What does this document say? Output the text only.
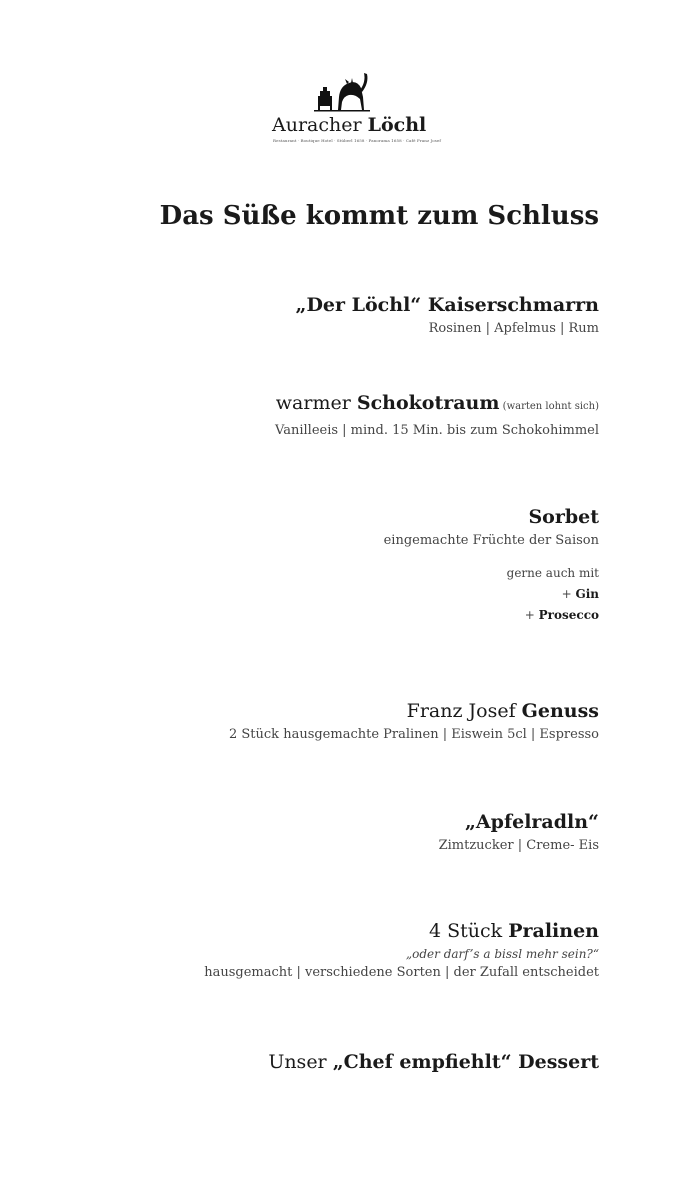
Auracher Löchl
Restaurant · Boutique Hotel · Stüberl 1658 · Panorama 1658 · Café Franz Josef
Das Süße kommt zum Schluss
„Der Löchl“ Kaiserschmarrn
Rosinen | Apfelmus | Rum
warmer Schokotraum (warten lohnt sich)
Vanilleeis | mind. 15 Min. bis zum Schokohimmel
Sorbet
eingemachte Früchte der Saison
gerne auch mit
+ Gin
+ Prosecco
Franz Josef Genuss
2 Stück hausgemachte Pralinen | Eiswein 5cl | Espresso
„Apfelradln“
Zimtzucker | Creme- Eis
4 Stück Pralinen
„oder darf’s a bissl mehr sein?“
hausgemacht | verschiedene Sorten | der Zufall entscheidet
Unser „Chef empfiehlt“ Dessert
